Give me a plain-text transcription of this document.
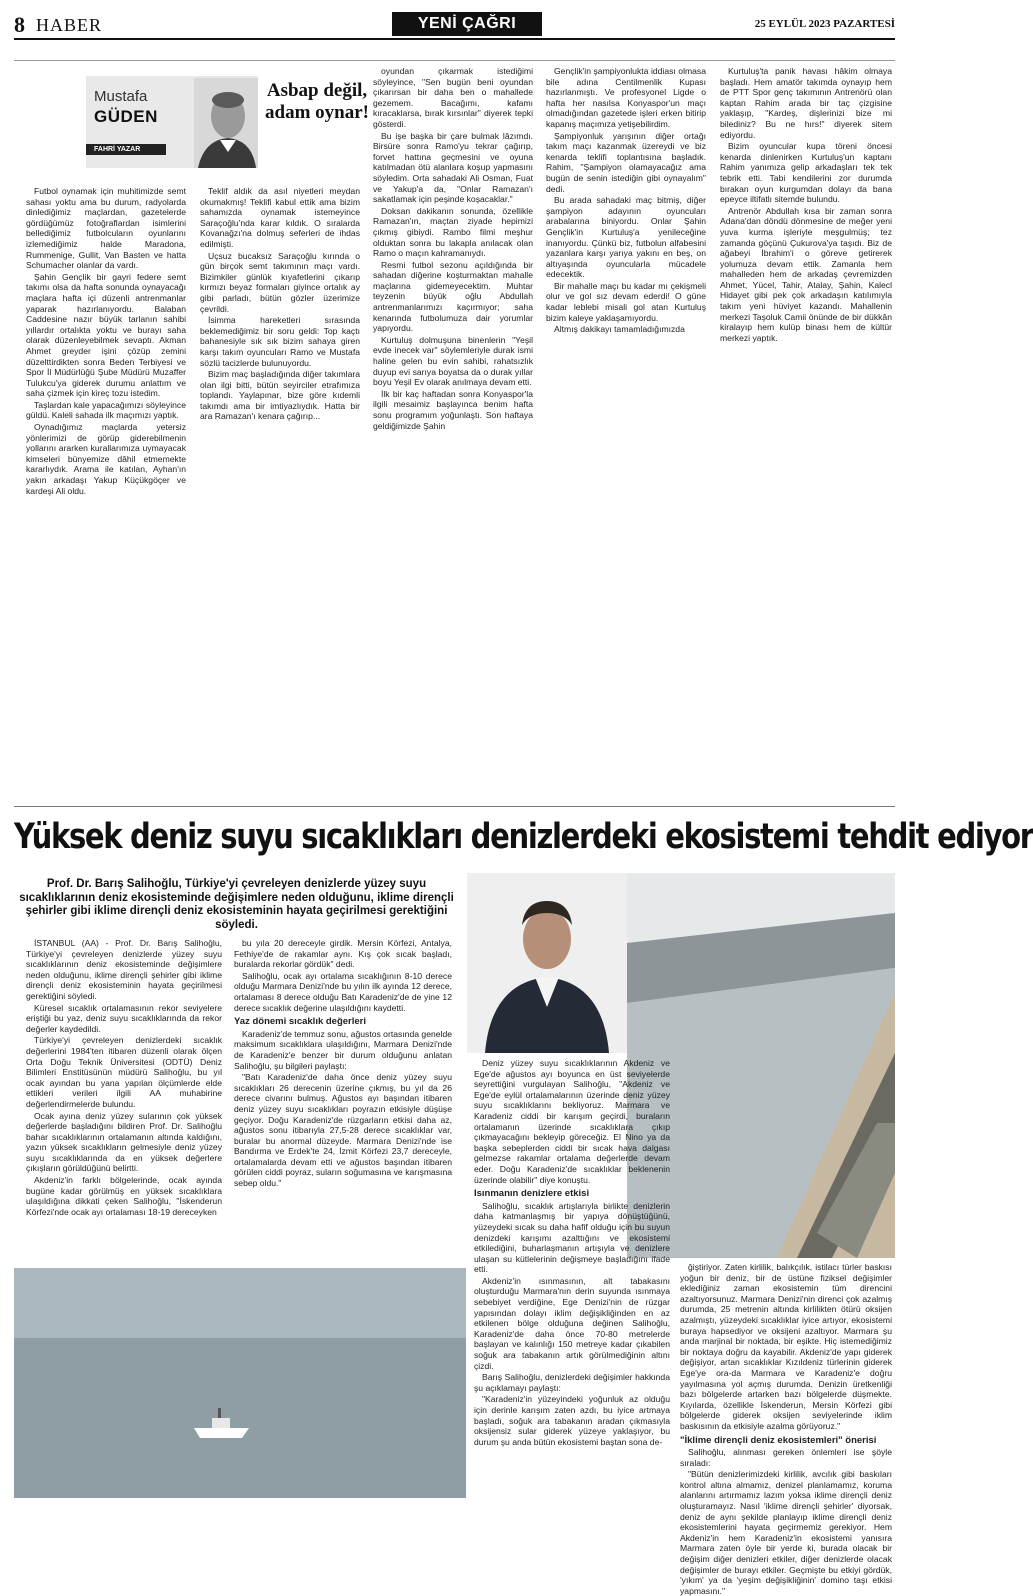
8 HABER	YENİ ÇAĞRI	25 EYLÜL 2023 PAZARTESİ
Mustafa
GÜDEN
FAHRİ YAZAR
Asbap değil, adam oynar!

Futbol oynamak için muhitimizde semt sahası yoktu ama bu durum, radyolarda dinlediğimiz maçlardan, gazetelerde gördüğümüz fotoğraflardan isimlerini bellediğimiz futbolcuların oyunlarını izlemediğimiz halde Maradona, Rummenige, Gullit, Van Basten ve hatta Schumacher olanlar da vardı.

Şahin Gençlik bir gayri federe semt takımı olsa da hafta sonunda oynayacağı maçlara hafta içi düzenli antrenmanlar yaparak hazırlanıyordu. Balaban Caddesine nazır büyük tarlanın sahibi yıllardır ortalıkta yoktu ve burayı saha olarak düzenleyebilmek sevaptı. Akman Ahmet greyder işini çözüp zemini düzelttirdikten sonra Beden Terbiyesi ve Spor İl Müdürlüğü Şube Müdürü Muzaffer Tulukcu'ya giderek durumu anlattım ve saha çizmek için kireç tozu istedim.

Taşlardan kale yapacağımızı söyleyince güldü. Kaleli sahada ilk maçımızı yaptık.

Oynadığımız maçlarda yetersiz yönlerimizi de görüp giderebilmenin yollarını ararken kurallarımıza uymayacak kimseleri bünyemize dâhil etmemekte kararlıydık. Arama ile katılan, Ayhan'ın yakın arkadaşı Yakup Küçükgöçer ve kardeşi Ali oldu.

Teklif aldık da asıl niyetleri meydan okumakmış! Teklifi kabul ettik ama bizim sahamızda oynamak istemeyince Saraçoğlu'nda karar kıldık. O sıralarda Kovanağzı'na dolmuş seferleri de ihdas edilmişti.

Uçsuz bucaksız Saraçoğlu kırında o gün birçok semt takımının maçı vardı. Bizimkiler günlük kıyafetlerini çıkarıp kırmızı beyaz formaları giyince ortalık ay gibi parladı, bütün gözler üzerimize çevrildi.

İsimma hareketleri sırasında beklemediğimiz bir soru geldi: Top kaçtı bahanesiyle sık sık bizim sahaya giren karşı takım oyuncuları Ramo ve Mustafa sözlü tacizlerde bulunuyordu.

Bizim maç başladığında diğer takımlara olan ilgi bitti, bütün seyirciler etrafımıza toplandı. Yaylapınar, bize göre kıdemli takımdı ama bir imtiyazlıydık. Hatta bir ara Ramazan'ı kenara çağırıp...

oyundan çıkarmak istediğimi söyleyince, "Sen bugün beni oyundan çıkarırsan bir daha ben o mahallede gezemem. Bacağımı, kafamı kıracaklarsa, bırak kırsınlar" diyerek tepki gösterdi.

Bu işe başka bir çare bulmak lâzımdı. Birsüre sonra Ramo'yu tekrar çağırıp, forvet hattına geçmesini ve oyuna katılmadan ötü alanlara koşup yapmasını söyledim. Orta sahadaki Ali Osman, Fuat ve Yakup'a da, "Onlar Ramazan'ı sakatlamak için peşinde koşacaklar."

Doksan dakikanın sonunda, özellikle Ramazan'ın, maçtan ziyade hepimizi çıkmış gibiydi. Rambo filmi meşhur olduktan sonra bu lakapla anılacak olan Ramo o maçın kahramanıydı.

Resmi futbol sezonu açıldığında bir sahadan diğerine koşturmaktan mahalle maçlarına gidemeyecektim. Muhtar teyzenin büyük oğlu Abdullah antrenmanlarımızı kaçırmıyor; saha kenarında futbolumuza dair yorumlar yapıyordu.

Kurtuluş dolmuşuna binenlerin "Yeşil evde inecek var" söylemleriyle durak ismi haline gelen bu evin sahibi, rahatsızlık duyup evi sarıya boyatsa da o durak yıllar boyu Yeşil Ev olarak anılmaya devam etti.

İlk bir kaç haftadan sonra Konyaspor'la ilgili mesaimiz başlayınca benim hafta sonu programım yoğunlaştı. Son haftaya geldiğimizde Şahin

Gençlik'in şampiyonlukta iddiası olmasa bile adına Centilmenlik Kupası hazırlanmıştı. Ve profesyonel Ligde o hafta her nasılsa Konyaspor'un maçı olmadığından gazetede işleri erken bitirip kapanış maçımıza yetişebilirdim.

Şampiyonluk yarışının diğer ortağı takım maçı kazanmak üzereydi ve biz kenarda teklifi toplantısına başladık. Rahim, "Şampiyon olamayacağız ama bugün de senin istediğin gibi oynayalım" dedi.

Bu arada sahadaki maç bitmiş, diğer şampiyon adayının oyuncuları arabalarına biniyordu. Onlar Şahin Gençlik'in Kurtuluş'a yenileceğine inanıyordu. Çünkü biz, futbolun alfabesini yazanlara karşı yarıya yakını en beş, on altıyaşında oyuncularla mücadele edecektik.

Bir mahalle maçı bu kadar mı çekişmeli olur ve gol sız devam ederdi! O güne kadar leblebi misali gol atan Kurtuluş bizim kaleye yaklaşamıyordu.

Altmış dakikayı tamamladığımızda

Kurtuluş'ta panik havası hâkim olmaya başladı. Hem amatör takımda oynayıp hem de PTT Spor genç takımının Antrenörü olan kaptan Rahim arada bir taç çizgisine yaklaşıp, "Kardeş, dişlerinizi bize mi bilediniz? Bu ne hırs!" diyerek sitem ediyordu.

Bizim oyuncular kupa töreni öncesi kenarda dinlenirken Kurtuluş'un kaptanı Rahim yanımıza gelip arkadaşları tek tek tebrik etti. Tabi kendilerini zor durumda bırakan oyun kurgumdan dolayı da bana epeyce iltifatlı sitemde bulundu.

Antrenör Abdullah kısa bir zaman sonra Adana'dan döndü dönmesine de meğer yeni yuva kurma işleriyle meşgulmüş; tez zamanda göçünü Çukurova'ya taşıdı. Biz de ağabeyi İbrahim'i o göreve getirerek yolumuza devam ettik. Zamanla hem mahalleden hem de arkadaş çevremizden Ahmet, Yücel, Tahir, Atalay, Şahin, Kalecl Hidayet gibi pek çok arkadaşın katılımıyla takım yeni hüviyet kazandı. Mahallenin merkezi Taşoluk Camii önünde de bir dükkân kiralayıp hem kulüp binası hem de kültür merkezi yaptık.

Yüksek deniz suyu sıcaklıkları denizlerdeki ekosistemi tehdit ediyor
Prof. Dr. Barış Salihoğlu, Türkiye'yi çevreleyen denizlerde yüzey suyu sıcaklıklarının deniz ekosisteminde değişimlere neden olduğunu, iklime dirençli şehirler gibi iklime dirençli deniz ekosisteminin hayata geçirilmesi gerektiğini söyledi.

İSTANBUL (AA) - Prof. Dr. Barış Salihoğlu, Türkiye'yi çevreleyen denizlerde yüzey suyu sıcaklıklarının deniz ekosisteminde değişimlere neden olduğunu, iklime dirençli şehirler gibi iklime dirençli deniz ekosisteminin hayata geçirilmesi gerektiğini söyledi.

Küresel sıcaklık ortalamasının rekor seviyelere eriştiği bu yaz, deniz suyu sıcaklıklarında da rekor değerler kaydedildi.

Türkiye'yi çevreleyen denizlerdeki sıcaklık değerlerini 1984'ten itibaren düzenli olarak ölçen Orta Doğu Teknik Üniversitesi (ODTÜ) Deniz Bilimleri Enstitüsünün müdürü Salihoğlu, bu yıl ocak ayından bu yana yapılan ölçümlerde elde ettikleri verileri ilgili AA muhabirine değerlendirmelerde bulundu.

Ocak ayına deniz yüzey sularının çok yüksek değerlerde başladığını bildiren Prof. Dr. Salihoğlu bahar sıcaklıklarının ortalamanın altında kaldığını, yazın yüksek sıcaklıkların gelmesiyle deniz yüzey suyu sıcaklıklarında da en yüksek değerlere çıkışların görüldüğünü belirtti.

Akdeniz'in farklı bölgelerinde, ocak ayında bugüne kadar görülmüş en yüksek sıcaklıklara ulaşıldığına dikkati çeken Salihoğlu, "İskenderun Körfezi'nde ocak ayı ortalaması 18-19 dereceyken

bu yıla 20 dereceyle girdik. Mersin Körfezi, Antalya, Fethiye'de de rakamlar aynı. Kış çok sıcak başladı, buralarda rekorlar gördük" dedi.

Salihoğlu, ocak ayı ortalama sıcaklığının 8-10 derece olduğu Marmara Denizi'nde bu yılın ilk ayında 12 derece, ortalaması 8 derece olduğu Batı Karadeniz'de de yine 12 derece sıcaklık değerine ulaşıldığını kaydetti.

Yaz dönemi sıcaklık değerleri

Karadeniz'de temmuz sonu, ağustos ortasında genelde maksimum sıcaklıklara ulaşıldığını, Marmara Denizi'nde de Karadeniz'e benzer bir durum olduğunu anlatan Salihoğlu, şu bilgileri paylaştı:

"Batı Karadeniz'de daha önce deniz yüzey suyu sıcaklıkları 26 derecenin üzerine çıkmış, bu yıl da 26 derece civarını bulmuş. Ağustos ayı başından itibaren deniz yüzey suyu sıcaklıkları poyrazın etkisiyle düşüşe geçiyor. Doğu Karadeniz'de rüzgarların etkisi daha az, ağustos sonu itibarıyla 27,5-28 derece sıcaklıklar var, buralar bu anormal düzeyde. Marmara Denizi'nde ise Bandırma ve Erdek'te 24, İzmit Körfezi 23,7 dereceyle, ortalamalarda devam etti ve ağustos başından itibaren görülen ciddi poyraz, suların soğumasına ve karışmasına sebep oldu."

Deniz yüzey suyu sıcaklıklarının Akdeniz ve Ege'de ağustos ayı boyunca en üst seviyelerde seyrettiğini vurgulayan Salihoğlu, "Akdeniz ve Ege'de eylül ortalamalarının üzerinde deniz yüzey suyu sıcaklıklarını bekliyoruz. Marmara ve Karadeniz ciddi bir karışım geçirdi, buraların ortalamanın üzerinde sıcaklıklara çıkıp çıkmayacağını bekleyip göreceğiz. El Nino ya da başka sebeplerden ciddi bir sıcak hava dalgası gelmezse rakamlar ortalama değerlerde devam eder. Doğu Karadeniz'de sıcaklıklar beklenenin üzerinde olabilir" diye konuştu.

Isınmanın denizlere etkisi

Salihoğlu, sıcaklık artışlarıyla birlikte denizlerin daha katmanlaşmış bir yapıya dönüştüğünü, yüzeydeki sıcak su daha hafif olduğu için bu suyun denizdeki karışımı azalttığını ve ekosistemi etkilediğini, buharlaşmanın artışıyla ve denizlere ulaşan su kütlelerinin değişmeye başladığını ifade etti.

Akdeniz'in ısınmasının, alt tabakasını oluşturduğu Marmara'nın derin suyunda ısınmaya sebebiyet verdiğine, Ege Denizi'nin de rüzgar yapısından dolayı iklim değişikliğinden en az etkilenen bölge olduğuna değinen Salihoğlu, Karadeniz'de daha önce 70-80 metrelerde başlayan ve kalınlığı 150 metreye kadar çıkabilen soğuk ara tabakanın artık görülmediğinin altını çizdi.

Barış Salihoğlu, denizlerdeki değişimler hakkında şu açıklamayı paylaştı:

"Karadeniz'in yüzeyindeki yoğunluk az olduğu için derinle karışım zaten azdı, bu iyice artmaya başladı, soğuk ara tabakanın aradan çıkmasıyla oksijensiz sular giderek yüzeye yaklaşıyor, bu durum şu anda bütün ekosistemi baştan sona de-

ğiştiriyor. Zaten kirlilik, balıkçılık, istilacı türler baskısı yoğun bir deniz, bir de üstüne fiziksel değişimler eklediğiniz zaman ekosistemin tüm direncini azaltıyorsunuz. Marmara Denizi'nin direnci çok azalmış durumda, 25 metrenin altında kirlilikten ötürü oksijen azalmıştı, yüzeydeki sıcaklıklar iyice artıyor, ekosistemi buraya hapsediyor ve oksijeni azaltıyor. Marmara şu anda marjinal bir noktada, bir eşikte. Hiç istemediğimiz bir noktaya doğru da kayabilir. Akdeniz'de yapı giderek değişiyor, artan sıcaklıklar Kızıldeniz türlerinin giderek Ege'ye ora-da Marmara ve Karadeniz'e doğru yayılmasına yol açmış durumda. Denizin üretkenliği bazı bölgelerde artarken bazı bölgelerde düşmekte. Kıyılarda, özellikle İskenderun, Mersin Körfezi gibi bölgelerde giderek oksijen seviyelerinde iklim baskısının da etkisiyle azalma görüyoruz."

"İklime dirençli deniz ekosistemleri" önerisi

Salihoğlu, alınması gereken önlemleri ise şöyle sıraladı:

"Bütün denizlerimizdeki kirlilik, avcılık gibi baskıları kontrol altına almamız, denizel planlamamız, koruma alanlarını artırmamız lazım yoksa iklime dirençli deniz oluşturamayız. Nasıl 'iklime dirençli şehirler' diyorsak, deniz de aynı şekilde planlayıp iklime dirençli deniz ekosistemlerini hayata geçirmemiz gerekiyor. Hem Akdeniz'in hem Karadeniz'in ekosistemi yanısıra Marmara zaten öyle bir yerde ki, burada olacak bir değişim diğer denizleri etkiler, diğer denizlerde olacak değişimler de burayı etkiler. Geçmişte bu etkiyi gördük, 'yıkım' ya da 'yeşim değişikliğinin' domino taşı etkisi yapmasını."
